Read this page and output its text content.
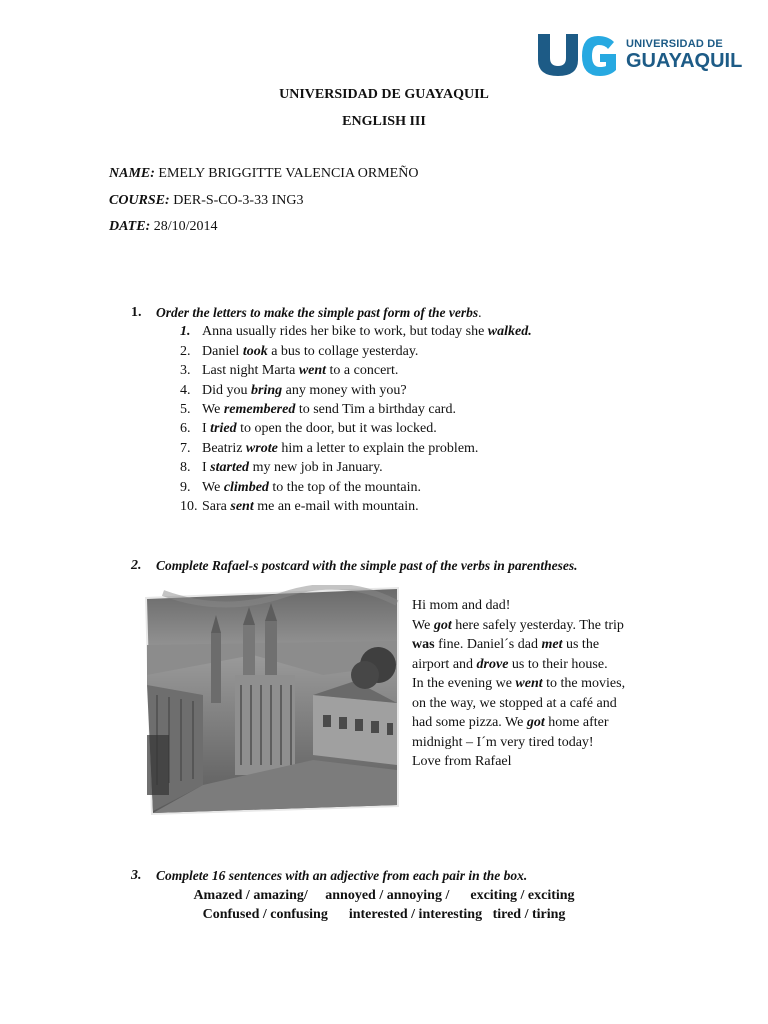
UNIVERSIDAD DE
GUAYAQUIL
UNIVERSIDAD DE GUAYAQUIL
ENGLISH III
NAME: EMELY BRIGGITTE VALENCIA ORMEÑO
COURSE: DER-S-CO-3-33 ING3
DATE: 28/10/2014
1. Order the letters to make the simple past form of the verbs.
1. Anna usually rides her bike to work, but today she walked.
2. Daniel took a bus to collage yesterday.
3. Last night Marta went to a concert.
4. Did you bring any money with you?
5. We remembered to send Tim a birthday card.
6. I tried to open the door, but it was locked.
7. Beatriz wrote him a letter to explain the problem.
8. I started my new job in January.
9. We climbed to the top of the mountain.
10. Sara sent me an e-mail with mountain.
2. Complete Rafael-s postcard with the simple past of the verbs in parentheses.

Hi mom and dad!

We got here safely yesterday. The trip

was fine. Daniel´s dad met us the

airport and drove us to their house.

In the evening we went to the movies,

on the way, we stopped at a café and

had some pizza. We got home after

midnight – I´m very tired today!

Love from Rafael

3. Complete 16 sentences with an adjective from each pair in the box.
Amazed / amazing/     annoyed / annoying /      exciting / exciting
Confused / confusing      interested / interesting   tired / tiring
